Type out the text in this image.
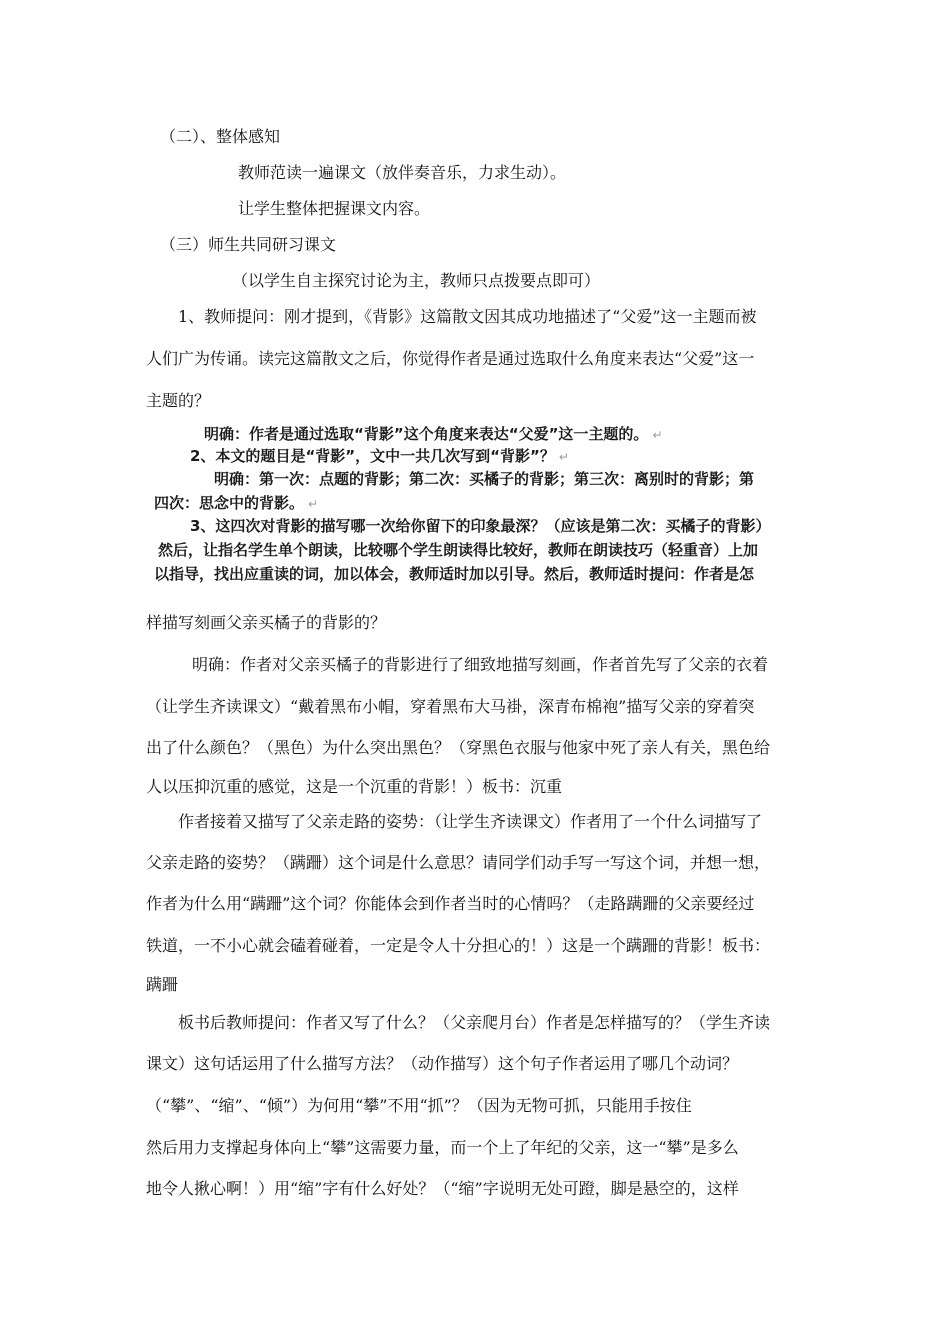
（二）、整体感知
教师范读一遍课文（放伴奏音乐，力求生动）。
让学生整体把握课文内容。
（三）师生共同研习课文
（以学生自主探究讨论为主，教师只点拨要点即可）
1、教师提问：刚才提到，《背影》这篇散文因其成功地描述了“父爱”这一主题而被
人们广为传诵。读完这篇散文之后，你觉得作者是通过选取什么角度来表达“父爱”这一
主题的？
明确：作者是通过选取“背影”这个角度来表达“父爱”这一主题的。 ↵
2、本文的题目是“背影”，文中一共几次写到“背影”？ ↵
明确：第一次：点题的背影；第二次：买橘子的背影；第三次：离别时的背影；第
四次：思念中的背影。 ↵
3、这四次对背影的描写哪一次给你留下的印象最深？（应该是第二次：买橘子的背影）
然后，让指名学生单个朗读，比较哪个学生朗读得比较好，教师在朗读技巧（轻重音）上加
以指导，找出应重读的词，加以体会，教师适时加以引导。然后，教师适时提问：作者是怎
样描写刻画父亲买橘子的背影的？
明确：作者对父亲买橘子的背影进行了细致地描写刻画，作者首先写了父亲的衣着
（让学生齐读课文）“戴着黑布小帽，穿着黑布大马褂，深青布棉袍”描写父亲的穿着突
出了什么颜色？（黑色）为什么突出黑色？（穿黑色衣服与他家中死了亲人有关，黑色给
人以压抑沉重的感觉，这是一个沉重的背影！）板书：沉重
作者接着又描写了父亲走路的姿势：（让学生齐读课文）作者用了一个什么词描写了
父亲走路的姿势？（蹒跚）这个词是什么意思？请同学们动手写一写这个词，并想一想，
作者为什么用“蹒跚”这个词？你能体会到作者当时的心情吗？（走路蹒跚的父亲要经过
铁道，一不小心就会磕着碰着，一定是令人十分担心的！）这是一个蹒跚的背影！板书：
蹒跚
板书后教师提问：作者又写了什么？（父亲爬月台）作者是怎样描写的？（学生齐读
课文）这句话运用了什么描写方法？（动作描写）这个句子作者运用了哪几个动词？
（“攀”、“缩”、“倾”）为何用“攀”不用“抓”？（因为无物可抓，只能用手按住
然后用力支撑起身体向上“攀”这需要力量，而一个上了年纪的父亲，这一“攀”是多么
地令人揪心啊！）用“缩”字有什么好处？（“缩”字说明无处可蹬，脚是悬空的，这样
